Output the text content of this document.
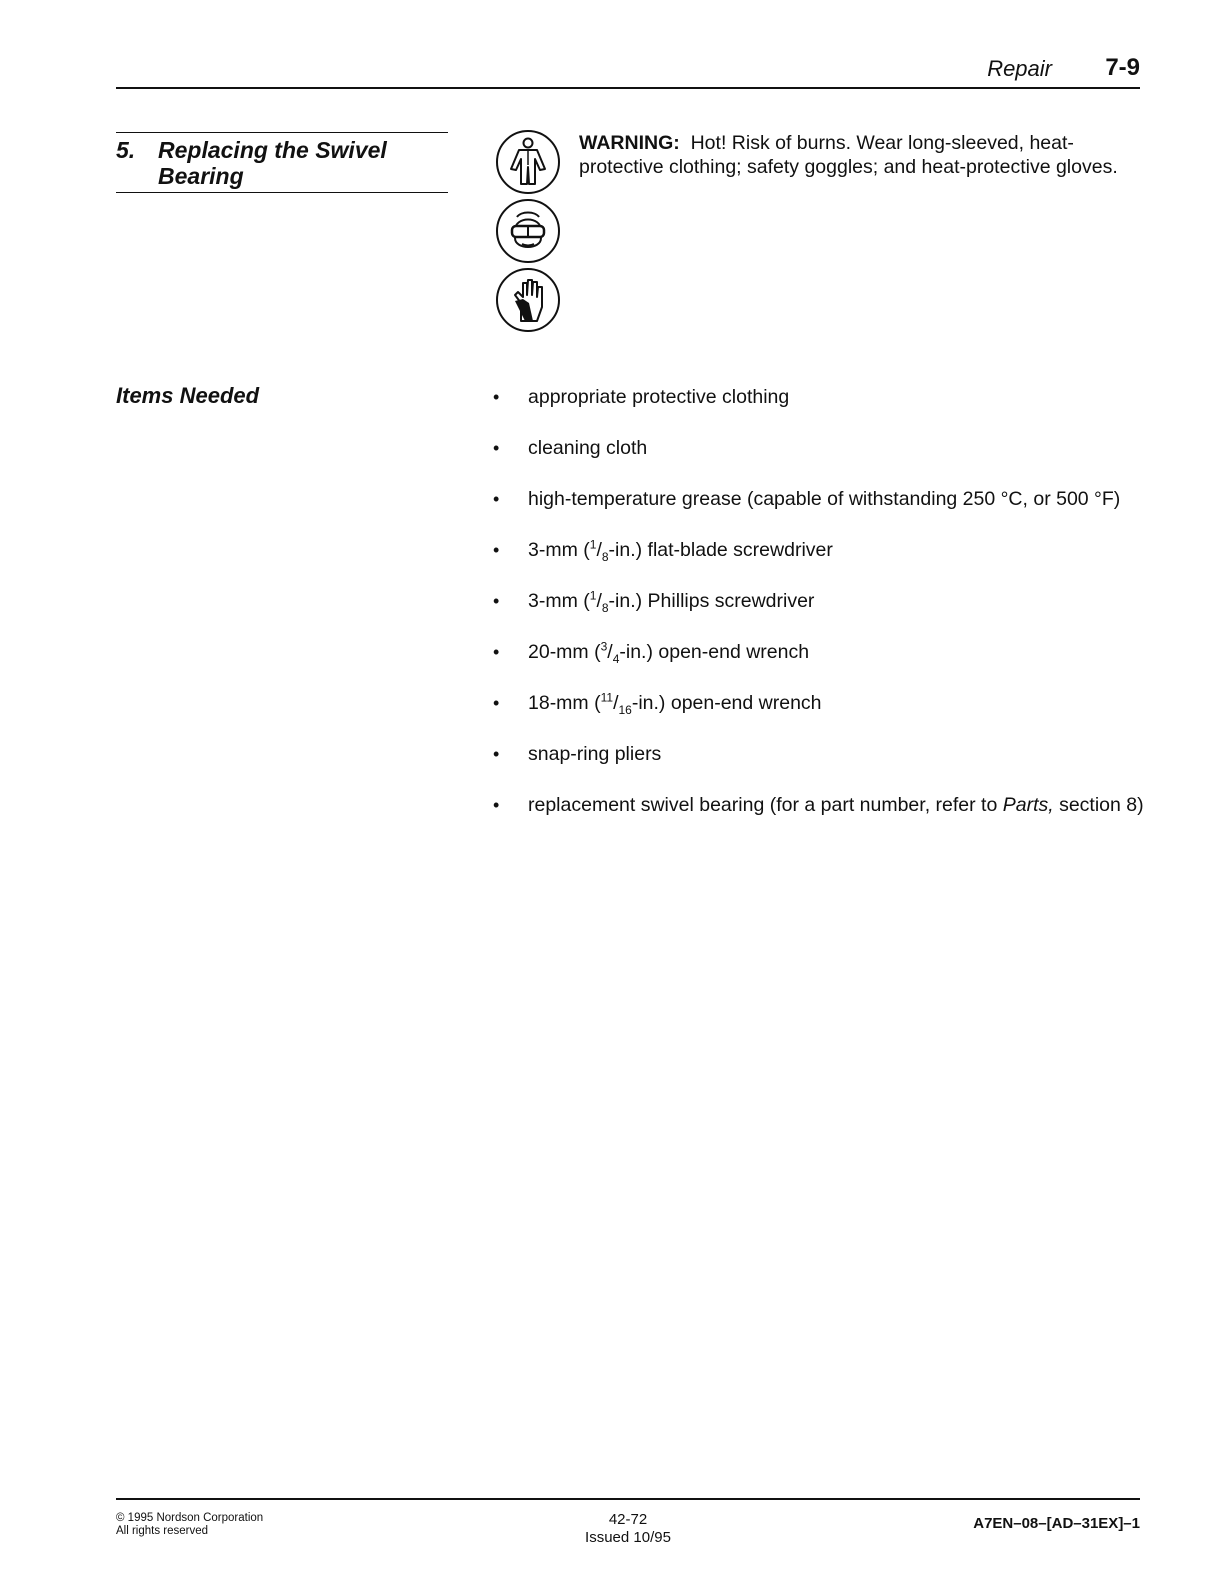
Repair 7-9
5. Replacing the Swivel Bearing
WARNING: Hot! Risk of burns. Wear long-sleeved, heat-protective clothing; safety goggles; and heat-protective gloves.
Items Needed	• appropriate protective clothing
• cleaning cloth
• high-temperature grease (capable of withstanding 250 °C, or 500 °F)
• 3-mm $(^1/_8-in.)$ flat-blade screwdriver
• 3-mm $(^1/_8-in.)$ Phillips screwdriver
• 20-mm $(^3/_4-in.)$ open-end wrench
• 18-mm $(^{11}/_{16}-in.)$ open-end wrench
• snap-ring pliers
• replacement swivel bearing (for a part number, refer to Parts, section 8)
© 1995 Nordson Corporation
All rights reserved
42-72
Issued 10/95
A7EN–08–[AD–31EX]–1
